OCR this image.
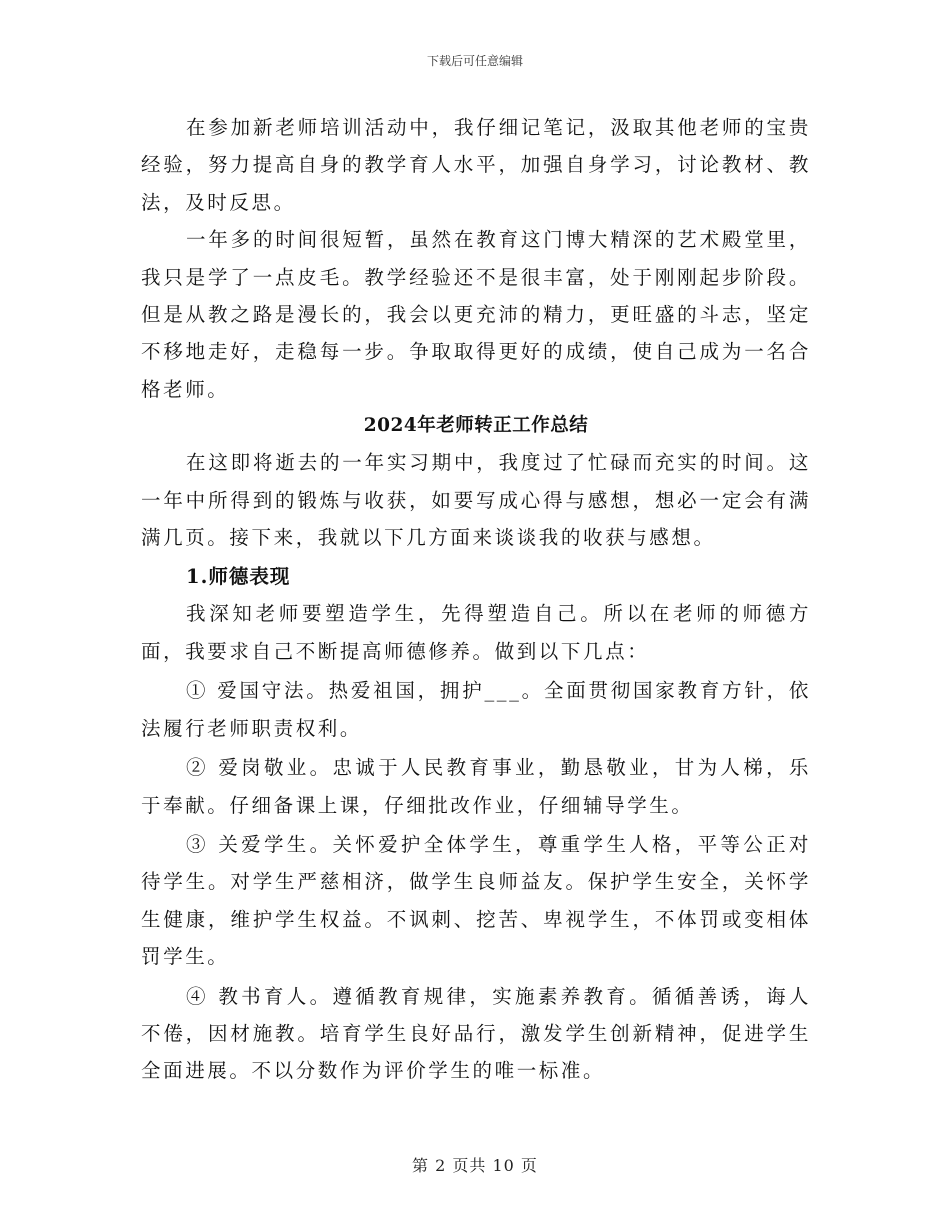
下载后可任意编辑

在参加新老师培训活动中，我仔细记笔记，汲取其他老师的宝贵经验，努力提高自身的教学育人水平，加强自身学习，讨论教材、教法，及时反思。

一年多的时间很短暂，虽然在教育这门博大精深的艺术殿堂里，我只是学了一点皮毛。教学经验还不是很丰富，处于刚刚起步阶段。但是从教之路是漫长的，我会以更充沛的精力，更旺盛的斗志，坚定不移地走好，走稳每一步。争取取得更好的成绩，使自己成为一名合格老师。

2024年老师转正工作总结

在这即将逝去的一年实习期中，我度过了忙碌而充实的时间。这一年中所得到的锻炼与收获，如要写成心得与感想，想必一定会有满满几页。接下来，我就以下几方面来谈谈我的收获与感想。

1.师德表现

我深知老师要塑造学生，先得塑造自己。所以在老师的师德方面，我要求自己不断提高师德修养。做到以下几点：

① 爱国守法。热爱祖国，拥护___。全面贯彻国家教育方针，依法履行老师职责权利。

② 爱岗敬业。忠诚于人民教育事业，勤恳敬业，甘为人梯，乐于奉献。仔细备课上课，仔细批改作业，仔细辅导学生。

③ 关爱学生。关怀爱护全体学生，尊重学生人格，平等公正对待学生。对学生严慈相济，做学生良师益友。保护学生安全，关怀学生健康，维护学生权益。不讽刺、挖苦、卑视学生，不体罚或变相体罚学生。

④ 教书育人。遵循教育规律，实施素养教育。循循善诱，诲人不倦，因材施教。培育学生良好品行，激发学生创新精神，促进学生全面进展。不以分数作为评价学生的唯一标准。

第 2 页共 10 页
